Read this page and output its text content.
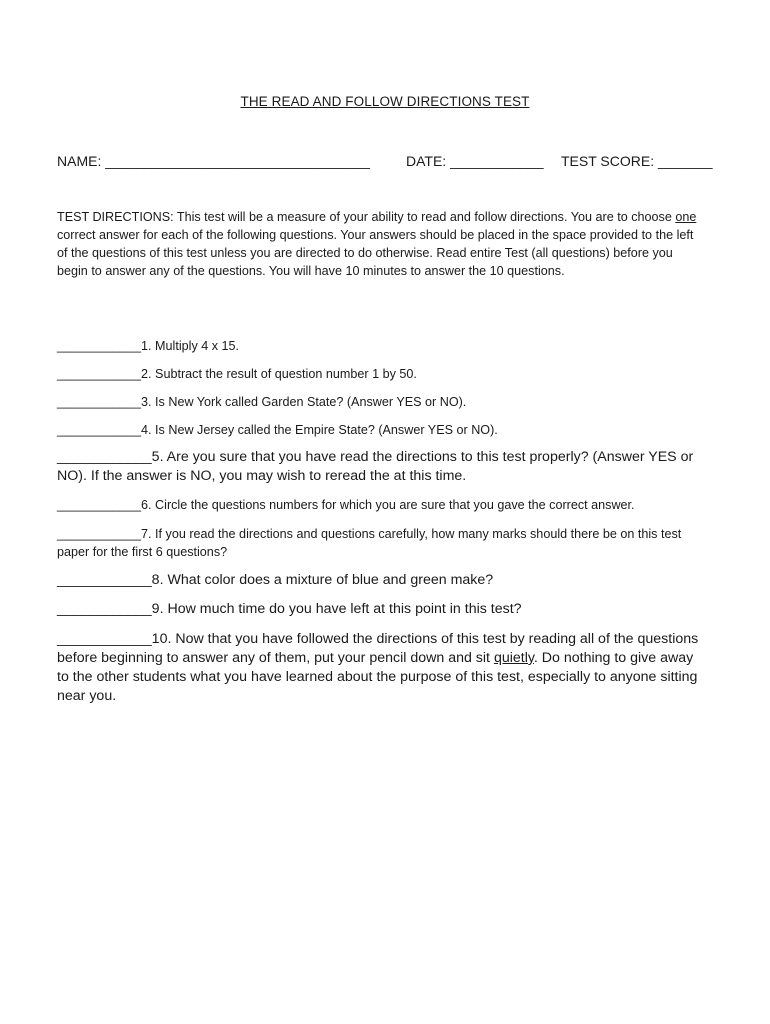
THE READ AND FOLLOW DIRECTIONS TEST
NAME: __________________________________	DATE: ____________ TEST SCORE: _______
TEST DIRECTIONS: This test will be a measure of your ability to read and follow directions. You are to choose one correct answer for each of the following questions. Your answers should be placed in the space provided to the left of the questions of this test unless you are directed to do otherwise. Read entire Test (all questions) before you begin to answer any of the questions. You will have 10 minutes to answer the 10 questions.
____________1. Multiply 4 x 15.
____________2. Subtract the result of question number 1 by 50.
____________3. Is New York called Garden State? (Answer YES or NO).
____________4. Is New Jersey called the Empire State? (Answer YES or NO).
____________5. Are you sure that you have read the directions to this test properly? (Answer YES or NO). If the answer is NO, you may wish to reread the at this time.
____________6. Circle the questions numbers for which you are sure that you gave the correct answer.
____________7. If you read the directions and questions carefully, how many marks should there be on this test paper for the first 6 questions?
____________8. What color does a mixture of blue and green make?
____________9. How much time do you have left at this point in this test?
____________10. Now that you have followed the directions of this test by reading all of the questions before beginning to answer any of them, put your pencil down and sit quietly. Do nothing to give away to the other students what you have learned about the purpose of this test, especially to anyone sitting near you.
